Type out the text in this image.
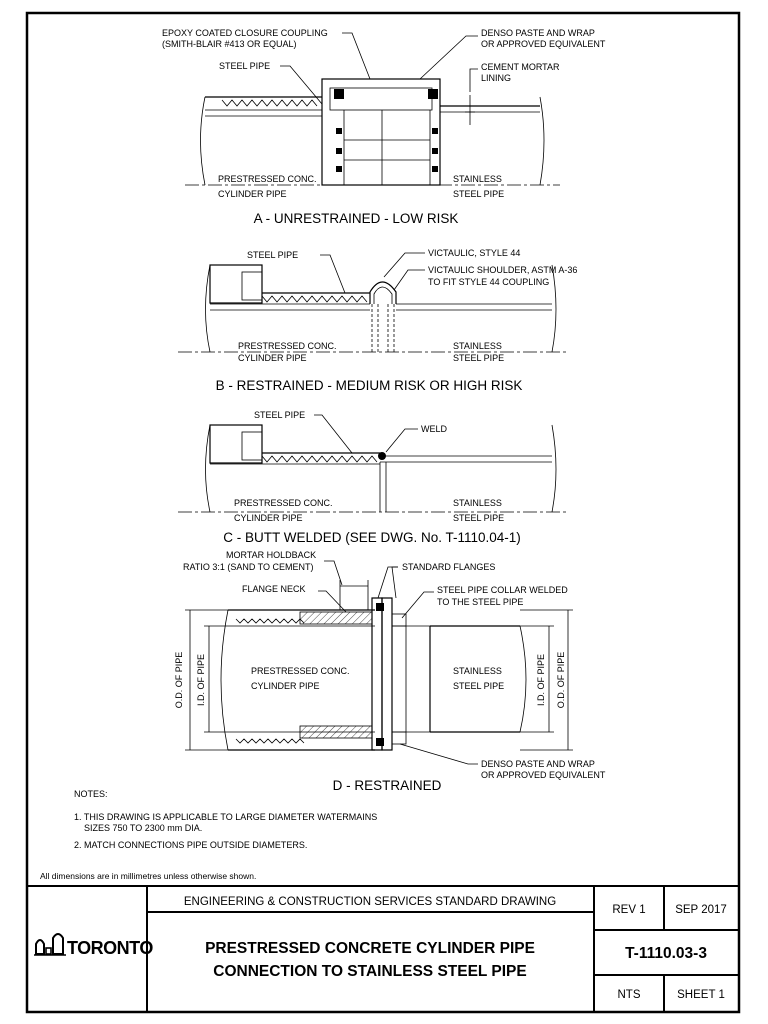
EPOXY COATED CLOSURE COUPLING
(SMITH-BLAIR #413 OR EQUAL)
STEEL PIPE
DENSO PASTE AND WRAP
OR APPROVED EQUIVALENT
CEMENT MORTAR
LINING
PRESTRESSED CONC.
CYLINDER PIPE
STAINLESS
STEEL PIPE
A - UNRESTRAINED - LOW RISK
STEEL PIPE	VICTAULIC, STYLE 44
VICTAULIC SHOULDER, ASTM A-36
TO FIT STYLE 44 COUPLING
PRESTRESSED CONC.
CYLINDER PIPE
STAINLESS
STEEL PIPE
B - RESTRAINED - MEDIUM RISK OR HIGH RISK
STEEL PIPE
WELD
PRESTRESSED CONC.
CYLINDER PIPE
STAINLESS
STEEL PIPE
C - BUTT WELDED (SEE DWG. No. T-1110.04-1)
MORTAR HOLDBACK
RATIO 3:1 (SAND TO CEMENT)	STANDARD FLANGES
FLANGE NECK	STEEL PIPE COLLAR WELDED
TO THE STEEL PIPE
O.D. OF PIPE I.D. OF PIPE	I.D. OF PIPE O.D. OF PIPE
PRESTRESSED CONC.
CYLINDER PIPE
STAINLESS
STEEL PIPE
DENSO PASTE AND WRAP
OR APPROVED EQUIVALENT
D - RESTRAINED
NOTES:
1. THIS DRAWING IS APPLICABLE TO LARGE DIAMETER WATERMAINS
SIZES 750 TO 2300 mm DIA.
2. MATCH CONNECTIONS PIPE OUTSIDE DIAMETERS.
All dimensions are in millimetres unless otherwise shown.
TORONTO
ENGINEERING & CONSTRUCTION SERVICES STANDARD DRAWING
PRESTRESSED CONCRETE CYLINDER PIPE
CONNECTION TO STAINLESS STEEL PIPE
REV 1	SEP 2017
T-1110.03-3
NTS	SHEET 1
